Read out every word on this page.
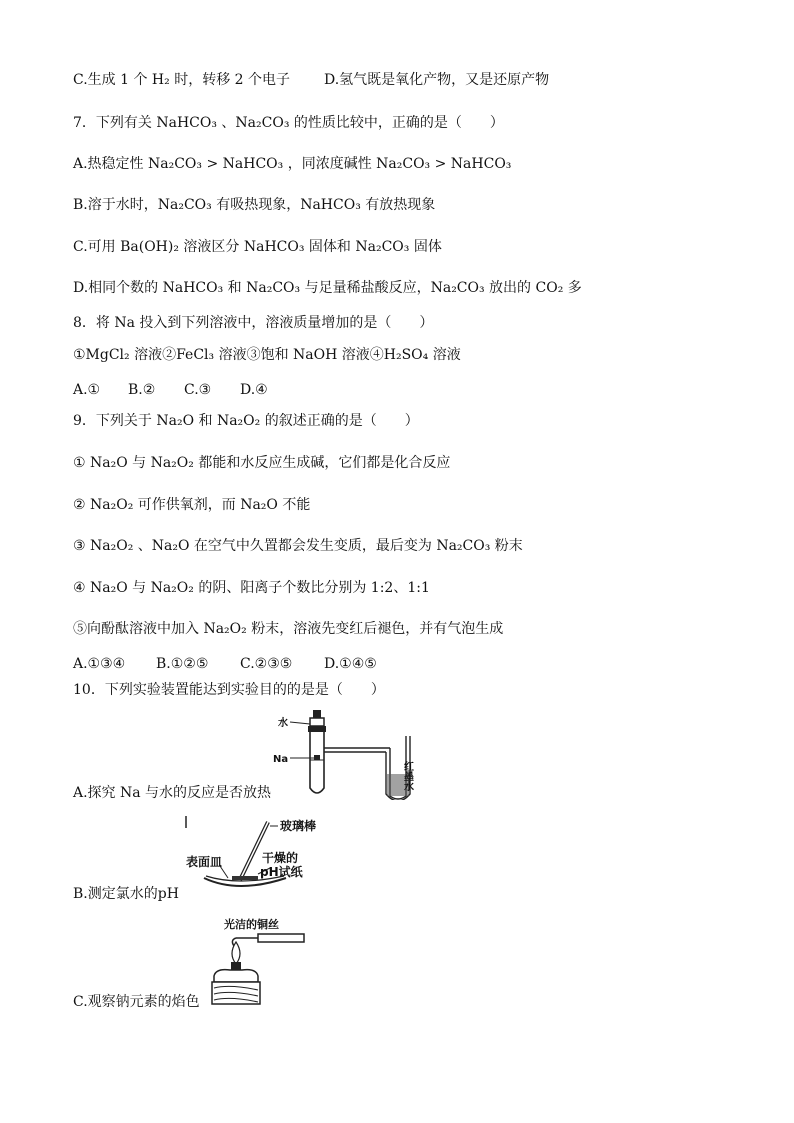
C.生成 1 个 H₂ 时，转移 2 个电子 D.氢气既是氧化产物，又是还原产物
7．下列有关 NaHCO₃ 、Na₂CO₃ 的性质比较中，正确的是（　　）
A.热稳定性 Na₂CO₃ > NaHCO₃ ，同浓度碱性 Na₂CO₃ > NaHCO₃
B.溶于水时，Na₂CO₃ 有吸热现象，NaHCO₃ 有放热现象
C.可用 Ba(OH)₂ 溶液区分 NaHCO₃ 固体和 Na₂CO₃ 固体
D.相同个数的 NaHCO₃ 和 Na₂CO₃ 与足量稀盐酸反应，Na₂CO₃ 放出的 CO₂ 多
8．将 Na 投入到下列溶液中，溶液质量增加的是（　　）
①MgCl₂ 溶液②FeCl₃ 溶液③饱和 NaOH 溶液④H₂SO₄ 溶液
A.① B.② C.③ D.④
9．下列关于 Na₂O 和 Na₂O₂ 的叙述正确的是（　　）
① Na₂O 与 Na₂O₂ 都能和水反应生成碱，它们都是化合反应
② Na₂O₂ 可作供氧剂，而 Na₂O 不能
③ Na₂O₂ 、Na₂O 在空气中久置都会发生变质，最后变为 Na₂CO₃ 粉末
④ Na₂O 与 Na₂O₂ 的阴、阳离子个数比分别为 1:2、1:1
⑤向酚酞溶液中加入 Na₂O₂ 粉末，溶液先变红后褪色，并有气泡生成
A.①③④ B.①②⑤ C.②③⑤ D.①④⑤
10．下列实验装置能达到实验目的的是是（　　）
水
Na
红
墨
水
A.探究 Na 与水的反应是否放热
玻璃棒
表面皿	干燥的
pH试纸
B.测定氯水的pH
光洁的铜丝
C.观察钠元素的焰色
